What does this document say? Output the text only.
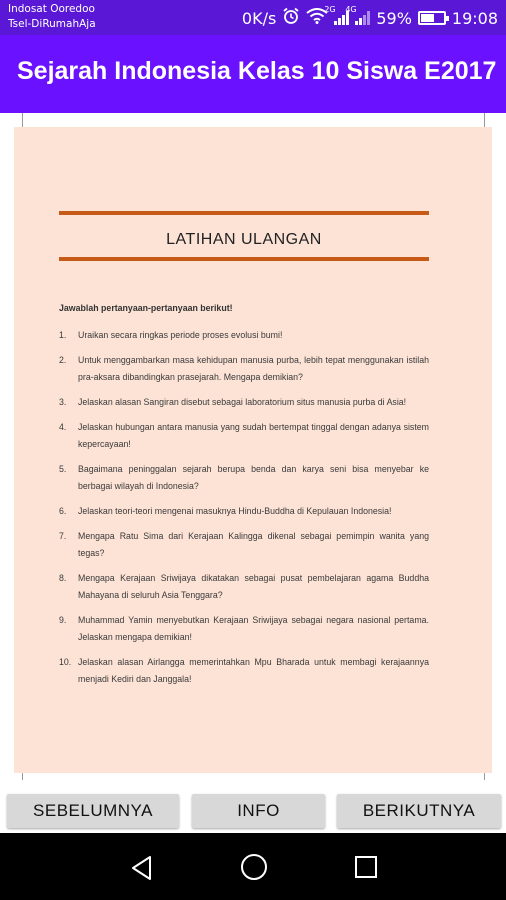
Indosat Ooredoo
Tsel-DiRumahAja	0K/s	2G 4G 59%	19:08
Sejarah Indonesia Kelas 10 Siswa E2017
LATIHAN ULANGAN
Jawablah pertanyaan-pertanyaan berikut!
1.	Uraikan secara ringkas periode proses evolusi bumi!
2.	Untuk menggambarkan masa kehidupan manusia purba, lebih tepat menggunakan istilah pra-aksara dibandingkan prasejarah. Mengapa demikian?
3.	Jelaskan alasan Sangiran disebut sebagai laboratorium situs manusia purba di Asia!
4.	Jelaskan hubungan antara manusia yang sudah bertempat tinggal dengan adanya sistem kepercayaan!
5.	Bagaimana peninggalan sejarah berupa benda dan karya seni bisa menyebar ke berbagai wilayah di Indonesia?
6.	Jelaskan teori-teori mengenai masuknya Hindu-Buddha di Kepulauan Indonesia!
7.	Mengapa Ratu Sima dari Kerajaan Kalingga dikenal sebagai pemimpin wanita yang tegas?
8.	Mengapa Kerajaan Sriwijaya dikatakan sebagai pusat pembelajaran agama Buddha Mahayana di seluruh Asia Tenggara?
9.	Muhammad Yamin menyebutkan Kerajaan Sriwijaya sebagai negara nasional pertama. Jelaskan mengapa demikian!
10. Jelaskan alasan Airlangga memerintahkan Mpu Bharada untuk membagi kerajaannya menjadi Kediri dan Janggala!
SEBELUMNYA	INFO	BERIKUTNYA
